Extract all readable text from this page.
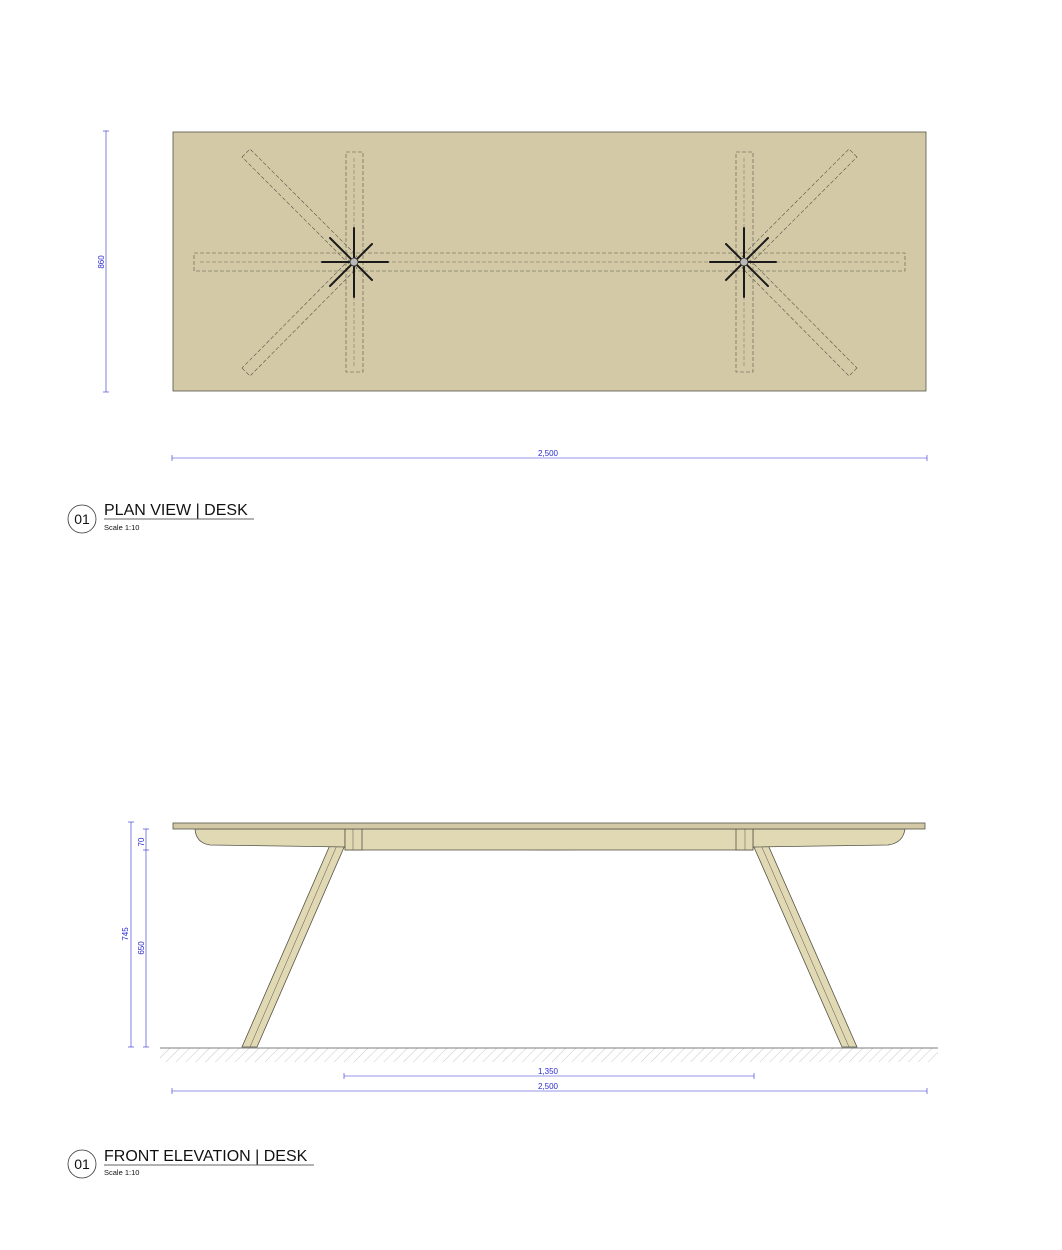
860
2,500
01 PLAN VIEW | DESK
Scale 1:10
745
70
650
1,350
2,500
01 FRONT ELEVATION | DESK
Scale 1:10
